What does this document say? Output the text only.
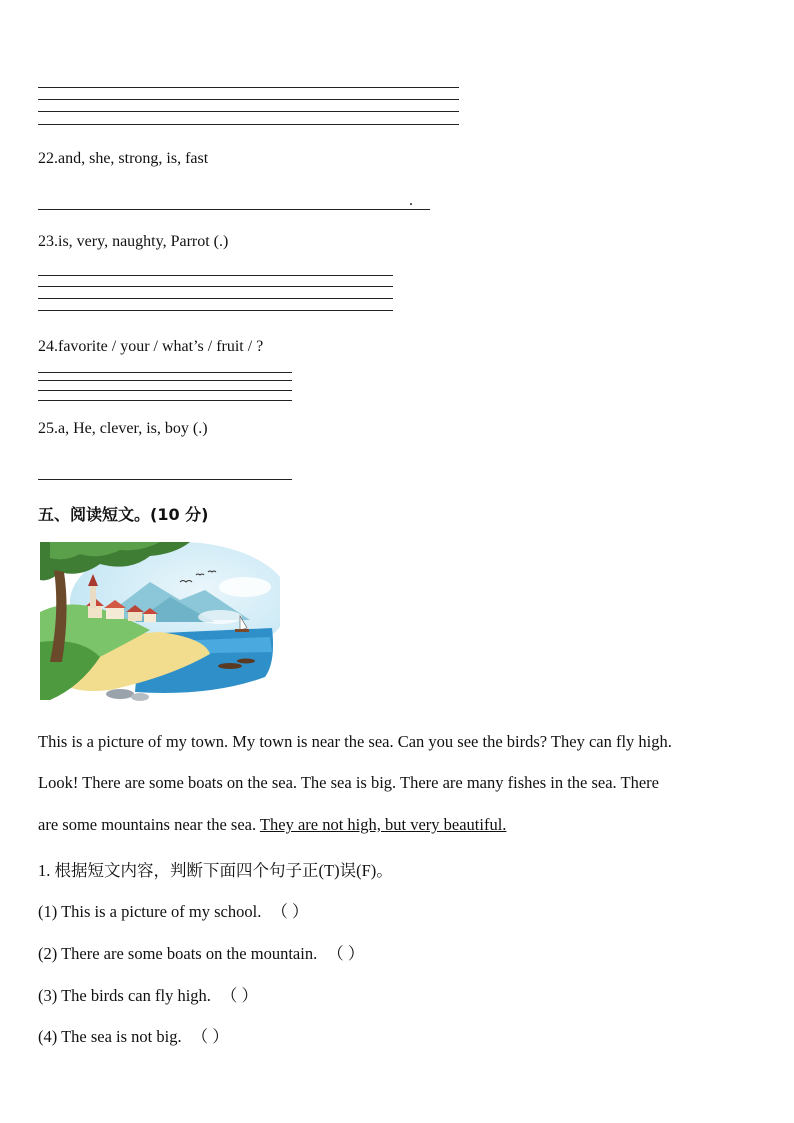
22.and, she, strong, is, fast
.
23.is, very, naughty, Parrot (.)
24.favorite / your / what’s / fruit / ?
25.a, He, clever, is, boy (.)
五、阅读短文。(10 分)
This is a picture of my town. My town is near the sea. Can you see the birds? They can fly high.
Look! There are some boats on the sea. The sea is big. There are many fishes in the sea. There
are some mountains near the sea. They are not high, but very beautiful.
1. 根据短文内容，判断下面四个句子正(T)误(F)。
(1) This is a picture of my school. （ ）
(2) There are some boats on the mountain. （ ）
(3) The birds can fly high. （ ）
(4) The sea is not big. （ ）
